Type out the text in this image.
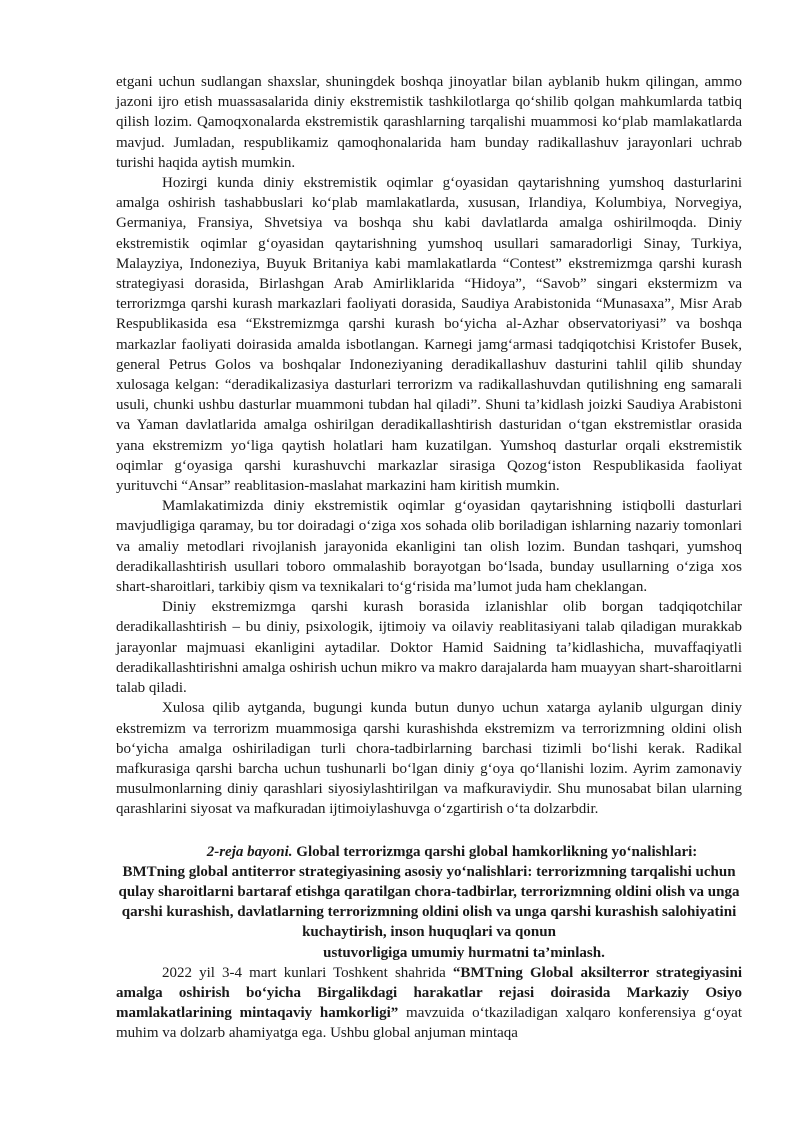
etgani uchun sudlangan shaxslar, shuningdek boshqa jinoyatlar bilan ayblanib hukm qilingan, ammo jazoni ijro etish muassasalarida diniy ekstremistik tashkilotlarga qo‘shilib qolgan mahkumlarda tatbiq qilish lozim. Qamoqxonalarda ekstremistik qarashlarning tarqalishi muammosi ko‘plab mamlakatlarda mavjud. Jumladan, respublikamiz qamoqhonalarida ham bunday radikallashuv jarayonlari uchrab turishi haqida aytish mumkin.

Hozirgi kunda diniy ekstremistik oqimlar g‘oyasidan qaytarishning yumshoq dasturlarini amalga oshirish tashabbuslari ko‘plab mamlakatlarda, xususan, Irlandiya, Kolumbiya, Norvegiya, Germaniya, Fransiya, Shvetsiya va boshqa shu kabi davlatlarda amalga oshirilmoqda. Diniy ekstremistik oqimlar g‘oyasidan qaytarishning yumshoq usullari samaradorligi Sinay, Turkiya, Malayziya, Indoneziya, Buyuk Britaniya kabi mamlakatlarda “Contest” ekstremizmga qarshi kurash strategiyasi dorasida, Birlashgan Arab Amirliklarida “Hidoya”, “Savob” singari ekstermizm va terrorizmga qarshi kurash markazlari faoliyati dorasida, Saudiya Arabistonida “Munasaxa”, Misr Arab Respublikasida esa “Ekstremizmga qarshi kurash bo‘yicha al-Azhar observatoriyasi” va boshqa markazlar faoliyati doirasida amalda isbotlangan. Karnegi jamg‘armasi tadqiqotchisi Kristofer Busek, general Petrus Golos va boshqalar Indoneziyaning deradikallashuv dasturini tahlil qilib shunday xulosaga kelgan: “deradikalizasiya dasturlari terrorizm va radikallashuvdan qutilishning eng samarali usuli, chunki ushbu dasturlar muammoni tubdan hal qiladi”. Shuni ta’kidlash joizki Saudiya Arabistoni va Yaman davlatlarida amalga oshirilgan deradikallashtirish dasturidan o‘tgan ekstremistlar orasida yana ekstremizm yo‘liga qaytish holatlari ham kuzatilgan. Yumshoq dasturlar orqali ekstremistik oqimlar g‘oyasiga qarshi kurashuvchi markazlar sirasiga Qozog‘iston Respublikasida faoliyat yurituvchi “Ansar” reablitasion-maslahat markazini ham kiritish mumkin.

Mamlakatimizda diniy ekstremistik oqimlar g‘oyasidan qaytarishning istiqbolli dasturlari mavjudligiga qaramay, bu tor doiradagi o‘ziga xos sohada olib boriladigan ishlarning nazariy tomonlari va amaliy metodlari rivojlanish jarayonida ekanligini tan olish lozim. Bundan tashqari, yumshoq deradikallashtirish usullari toboro ommalashib borayotgan bo‘lsada, bunday usullarning o‘ziga xos shart-sharoitlari, tarkibiy qism va texnikalari to‘g‘risida ma’lumot juda ham cheklangan.

Diniy ekstremizmga qarshi kurash borasida izlanishlar olib borgan tadqiqotchilar deradikallashtirish – bu diniy, psixologik, ijtimoiy va oilaviy reablitasiyani talab qiladigan murakkab jarayonlar majmuasi ekanligini aytadilar. Doktor Hamid Saidning ta’kidlashicha, muvaffaqiyatli deradikallashtirishni amalga oshirish uchun mikro va makro darajalarda ham muayyan shart-sharoitlarni talab qiladi.

Xulosa qilib aytganda, bugungi kunda butun dunyo uchun xatarga aylanib ulgurgan diniy ekstremizm va terrorizm muammosiga qarshi kurashishda ekstremizm va terrorizmning oldini olish bo‘yicha amalga oshiriladigan turli chora-tadbirlarning barchasi tizimli bo‘lishi kerak. Radikal mafkurasiga qarshi barcha uchun tushunarli bo‘lgan diniy g‘oya qo‘llanishi lozim. Ayrim zamonaviy musulmonlarning diniy qarashlari siyosiylashtirilgan va mafkuraviydir. Shu munosabat bilan ularning qarashlarini siyosat va mafkuradan ijtimoiylashuvga o‘zgartirish o‘ta dolzarbdir.

2-reja bayoni. Global terrorizmga qarshi global hamkorlikning yo‘nalishlari:
BMTning global antiterror strategiyasining asosiy yo‘nalishlari: terrorizmning tarqalishi uchun qulay sharoitlarni bartaraf etishga qaratilgan chora-tadbirlar, terrorizmning oldini olish va unga qarshi kurashish, davlatlarning terrorizmning oldini olish va unga qarshi kurashish salohiyatini kuchaytirish, inson huquqlari va qonun
ustuvorligiga umumiy hurmatni ta’minlash.

2022 yil 3-4 mart kunlari Toshkent shahrida “BMTning Global aksilterror strategiyasini amalga oshirish bo‘yicha Birgalikdagi harakatlar rejasi doirasida Markaziy Osiyo mamlakatlarining mintaqaviy hamkorligi” mavzuida o‘tkaziladigan xalqaro konferensiya g‘oyat muhim va dolzarb ahamiyatga ega. Ushbu global anjuman mintaqa
